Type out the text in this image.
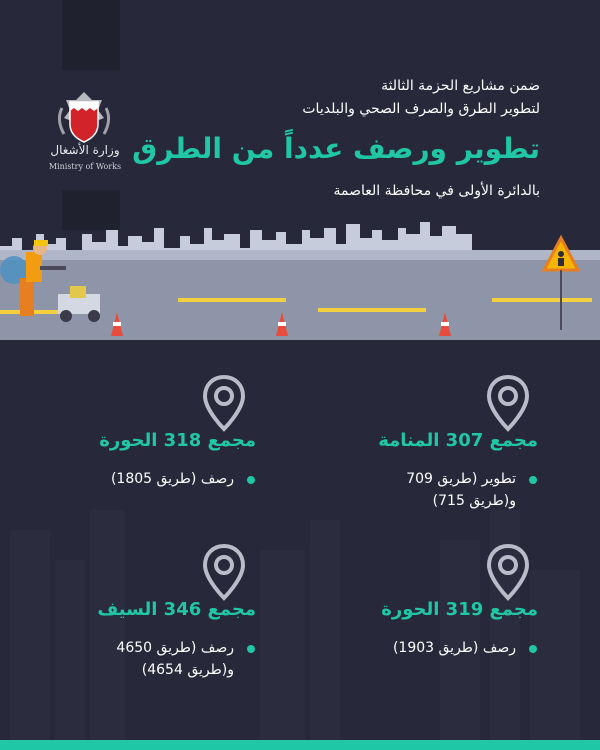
وزارة الأشغال
Ministry of Works
ضمن مشاريع الحزمة الثالثة
لتطوير الطرق والصرف الصحي والبلديات
تطوير ورصف عدداً من الطرق
بالدائرة الأولى في محافظة العاصمة
مجمع 307 المنامة
تطوير (طريق 709
و(طريق 715)
مجمع 318 الحورة
رصف (طريق 1805)
مجمع 319 الحورة
رصف (طريق 1903)
مجمع 346 السيف
رصف (طريق 4650
و(طريق 4654)
